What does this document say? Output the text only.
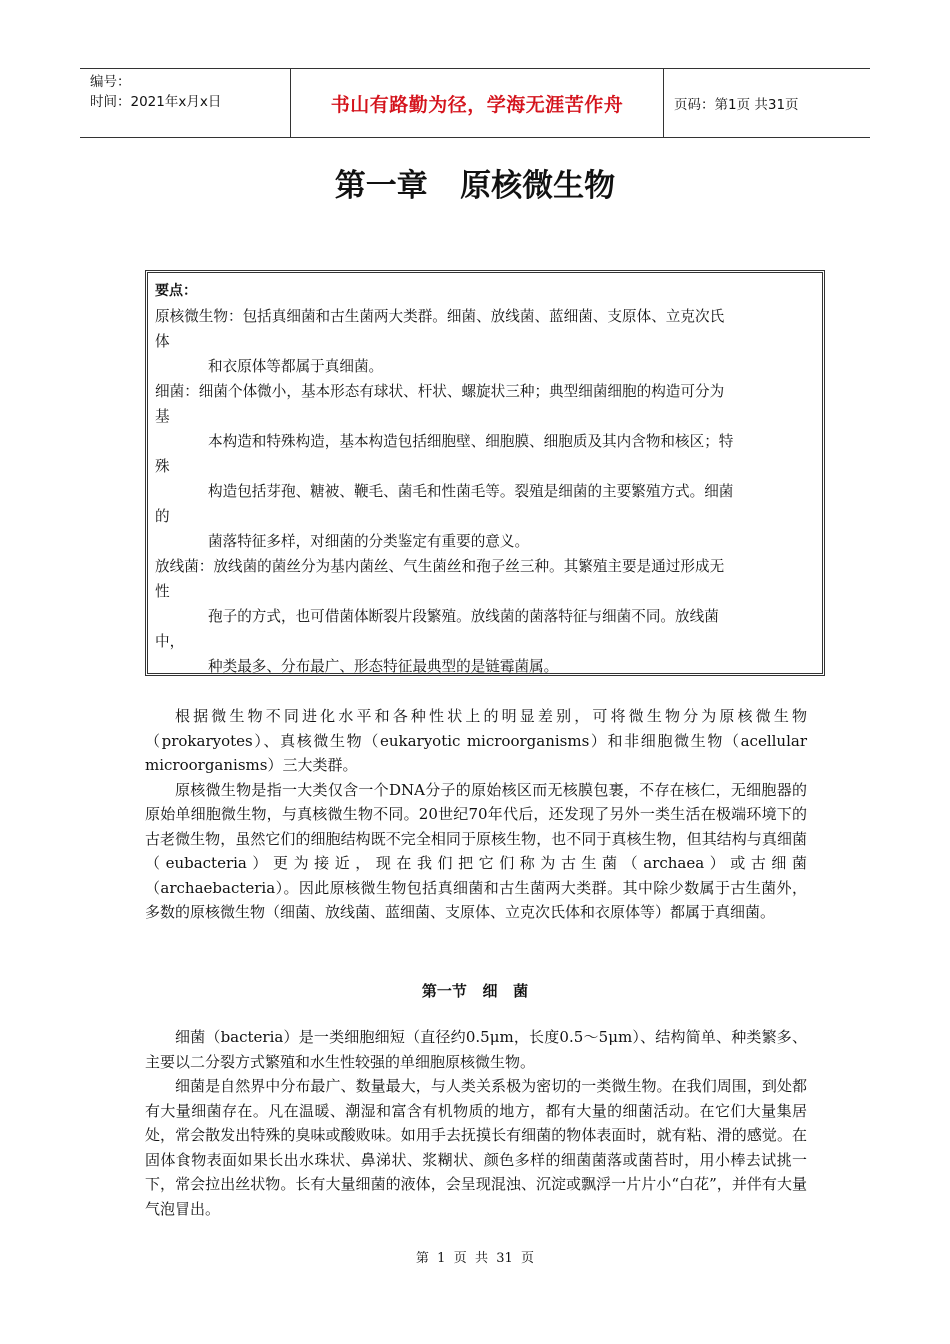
编号：
时间：2021年x月x日	书山有路勤为径，学海无涯苦作舟	页码：第1页 共31页
第一章   原核微生物
要点：
原核微生物：包括真细菌和古生菌两大类群。细菌、放线菌、蓝细菌、支原体、立克次氏
体
和衣原体等都属于真细菌。
细菌：细菌个体微小，基本形态有球状、杆状、螺旋状三种；典型细菌细胞的构造可分为
基
本构造和特殊构造，基本构造包括细胞壁、细胞膜、细胞质及其内含物和核区；特
殊
构造包括芽孢、糖被、鞭毛、菌毛和性菌毛等。裂殖是细菌的主要繁殖方式。细菌
的
菌落特征多样，对细菌的分类鉴定有重要的意义。
放线菌：放线菌的菌丝分为基内菌丝、气生菌丝和孢子丝三种。其繁殖主要是通过形成无
性
孢子的方式，也可借菌体断裂片段繁殖。放线菌的菌落特征与细菌不同。放线菌
中，
种类最多、分布最广、形态特征最典型的是链霉菌属。

根据微生物不同进化水平和各种性状上的明显差别，可将微生物分为原核微生物（prokaryotes）、真核微生物（eukaryotic microorganisms）和非细胞微生物（acellular microorganisms）三大类群。

原核微生物是指一大类仅含一个DNA分子的原始核区而无核膜包裹，不存在核仁，无细胞器的原始单细胞微生物，与真核微生物不同。20世纪70年代后，还发现了另外一类生活在极端环境下的古老微生物，虽然它们的细胞结构既不完全相同于原核生物，也不同于真核生物，但其结构与真细菌（eubacteria）更为接近，现在我们把它们称为古生菌（archaea）或古细菌（archaebacteria）。因此原核微生物包括真细菌和古生菌两大类群。其中除少数属于古生菌外，多数的原核微生物（细菌、放线菌、蓝细菌、支原体、立克次氏体和衣原体等）都属于真细菌。

第一节   细   菌

细菌（bacteria）是一类细胞细短（直径约0.5μm，长度0.5～5μm）、结构简单、种类繁多、主要以二分裂方式繁殖和水生性较强的单细胞原核微生物。

细菌是自然界中分布最广、数量最大，与人类关系极为密切的一类微生物。在我们周围，到处都有大量细菌存在。凡在温暖、潮湿和富含有机物质的地方，都有大量的细菌活动。在它们大量集居处，常会散发出特殊的臭味或酸败味。如用手去抚摸长有细菌的物体表面时，就有粘、滑的感觉。在固体食物表面如果长出水珠状、鼻涕状、浆糊状、颜色多样的细菌菌落或菌苔时，用小棒去试挑一下，常会拉出丝状物。长有大量细菌的液体，会呈现混浊、沉淀或飘浮一片片小“白花”，并伴有大量气泡冒出。

第  1  页  共  31  页
